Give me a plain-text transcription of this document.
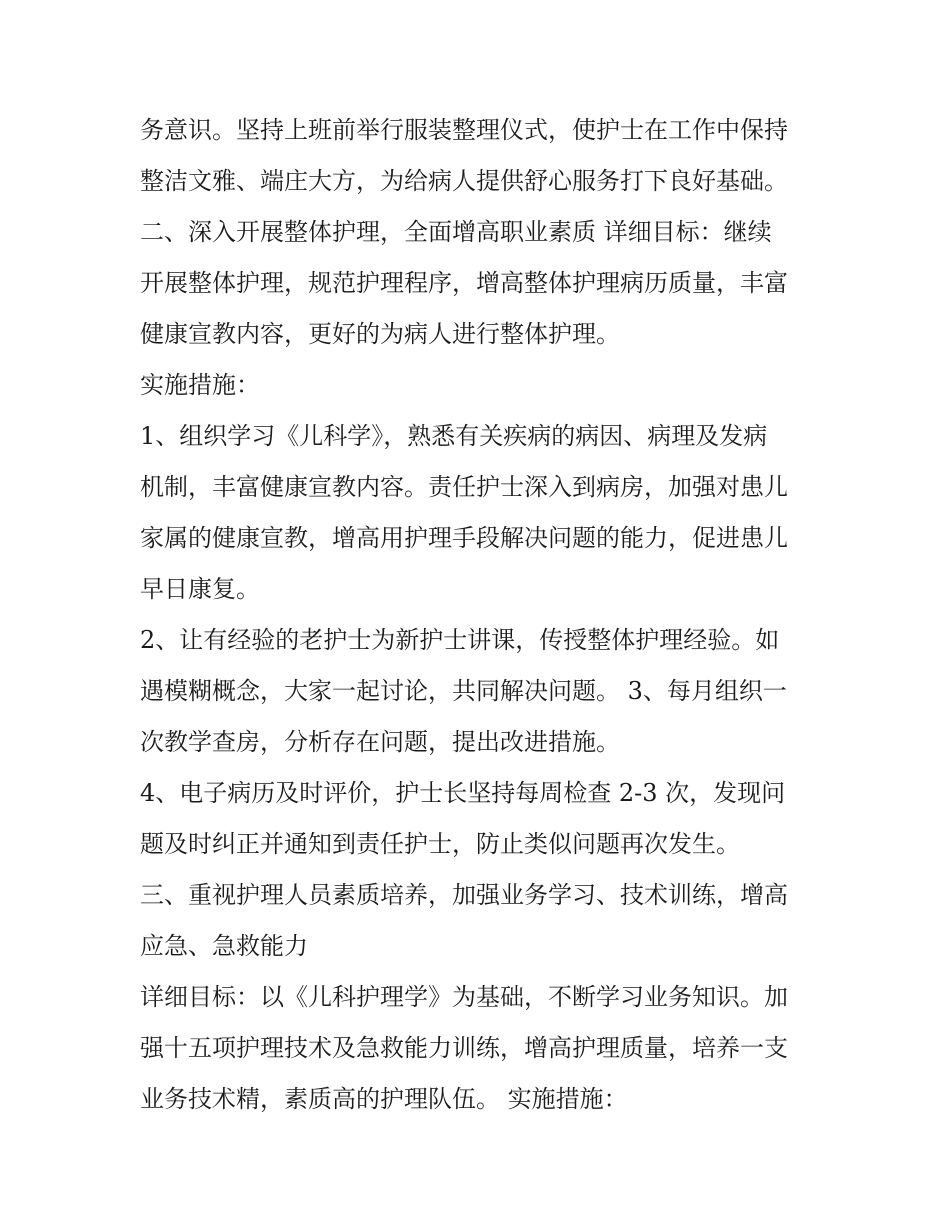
务意识。坚持上班前举行服装整理仪式，使护士在工作中保持
整洁文雅、端庄大方，为给病人提供舒心服务打下良好基础。
二、深入开展整体护理，全面增高职业素质 详细目标：继续
开展整体护理，规范护理程序，增高整体护理病历质量，丰富
健康宣教内容，更好的为病人进行整体护理。
实施措施：
1、组织学习《儿科学》，熟悉有关疾病的病因、病理及发病
机制，丰富健康宣教内容。责任护士深入到病房，加强对患儿
家属的健康宣教，增高用护理手段解决问题的能力，促进患儿
早日康复。
2、让有经验的老护士为新护士讲课，传授整体护理经验。如
遇模糊概念，大家一起讨论，共同解决问题。 3、每月组织一
次教学查房，分析存在问题，提出改进措施。
4、电子病历及时评价，护士长坚持每周检查 2-3 次，发现问
题及时纠正并通知到责任护士，防止类似问题再次发生。
三、重视护理人员素质培养，加强业务学习、技术训练，增高
应急、急救能力
详细目标：以《儿科护理学》为基础，不断学习业务知识。加
强十五项护理技术及急救能力训练，增高护理质量，培养一支
业务技术精，素质高的护理队伍。 实施措施：
